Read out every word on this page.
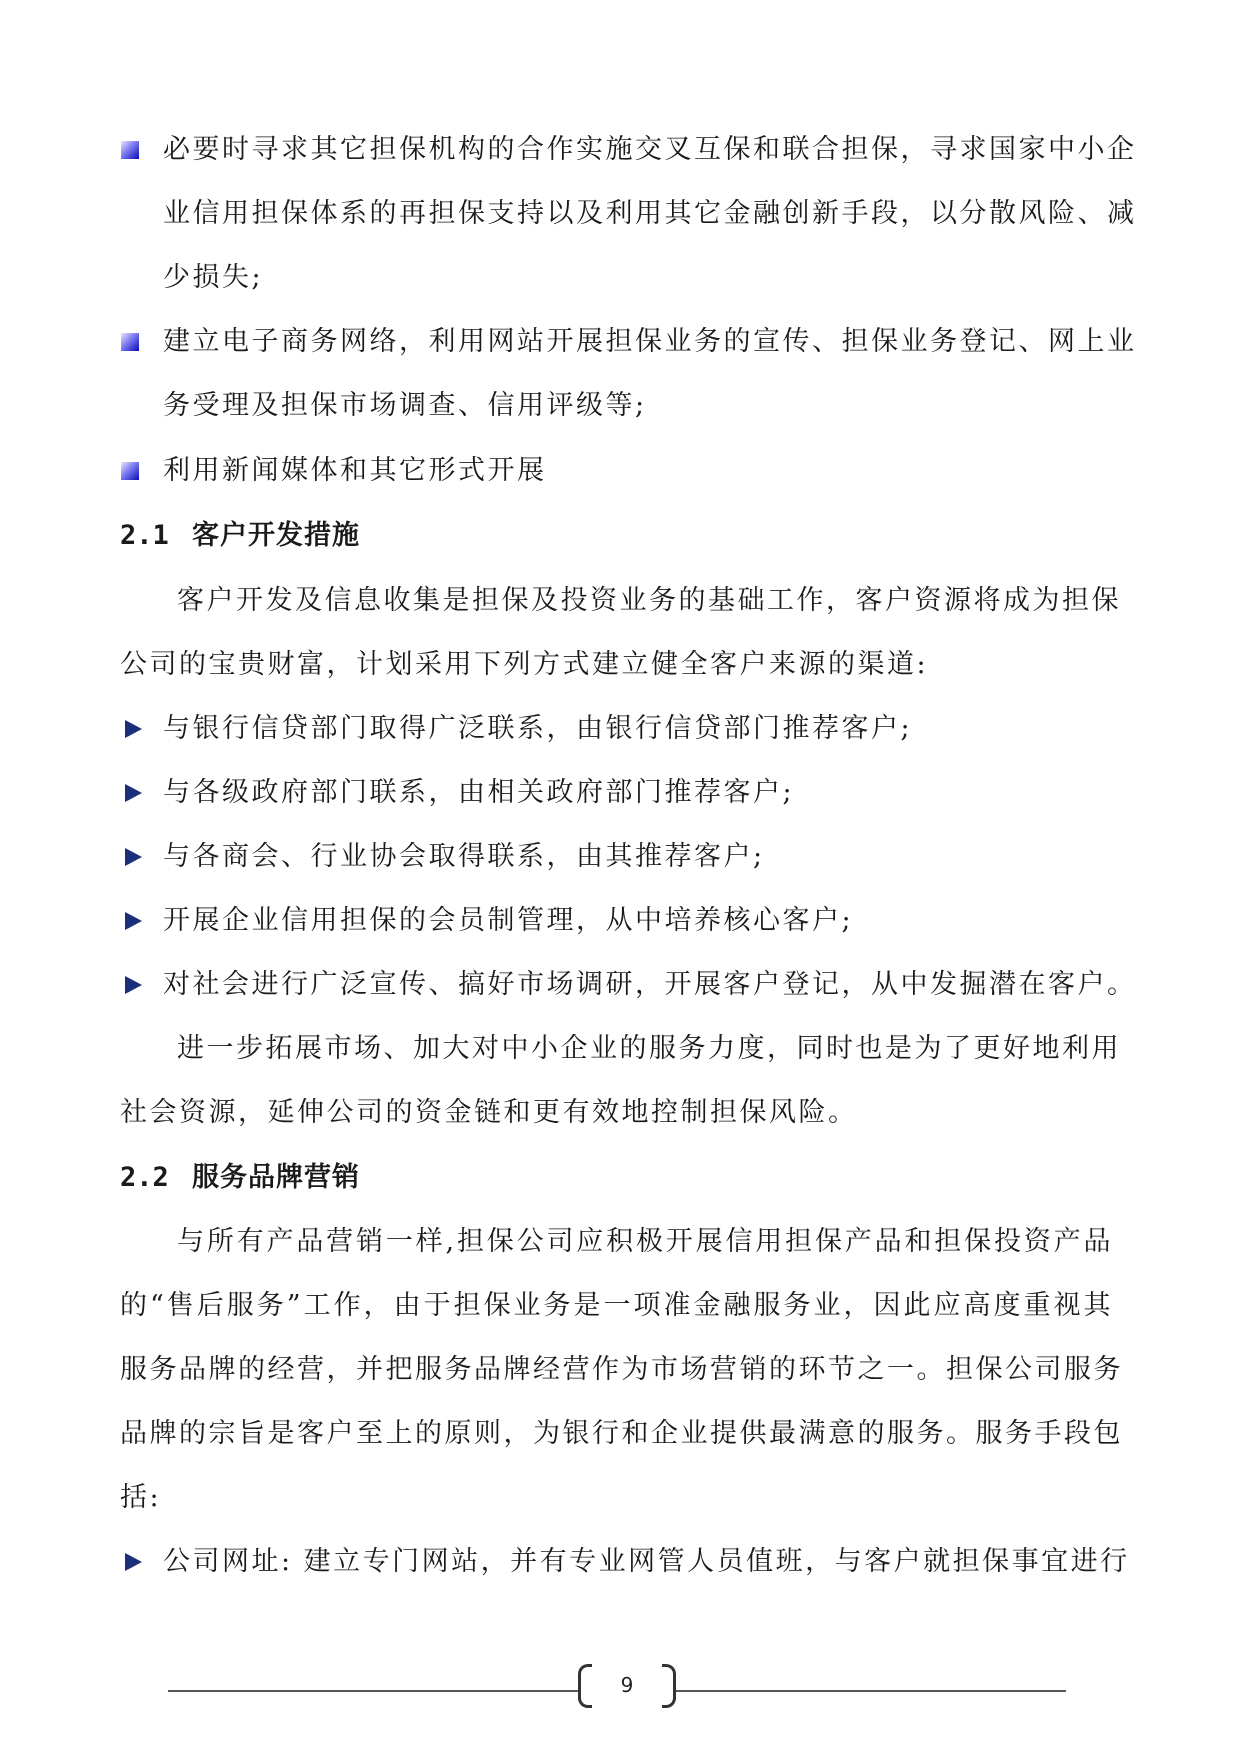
必要时寻求其它担保机构的合作实施交叉互保和联合担保，寻求国家中小企
业信用担保体系的再担保支持以及利用其它金融创新手段，以分散风险、减
少损失;
建立电子商务网络，利用网站开展担保业务的宣传、担保业务登记、网上业
务受理及担保市场调查、信用评级等;
利用新闻媒体和其它形式开展
2.1 客户开发措施
客户开发及信息收集是担保及投资业务的基础工作，客户资源将成为担保
公司的宝贵财富，计划采用下列方式建立健全客户来源的渠道:
与银行信贷部门取得广泛联系，由银行信贷部门推荐客户;
与各级政府部门联系，由相关政府部门推荐客户;
与各商会、行业协会取得联系，由其推荐客户;
开展企业信用担保的会员制管理，从中培养核心客户;
对社会进行广泛宣传、搞好市场调研，开展客户登记，从中发掘潜在客户。
进一步拓展市场、加大对中小企业的服务力度，同时也是为了更好地利用
社会资源，延伸公司的资金链和更有效地控制担保风险。
2.2 服务品牌营销
与所有产品营销一样,担保公司应积极开展信用担保产品和担保投资产品
的“售后服务”工作，由于担保业务是一项准金融服务业，因此应高度重视其
服务品牌的经营，并把服务品牌经营作为市场营销的环节之一。担保公司服务
品牌的宗旨是客户至上的原则，为银行和企业提供最满意的服务。服务手段包
括:
公司网址: 建立专门网站，并有专业网管人员值班，与客户就担保事宜进行
9
